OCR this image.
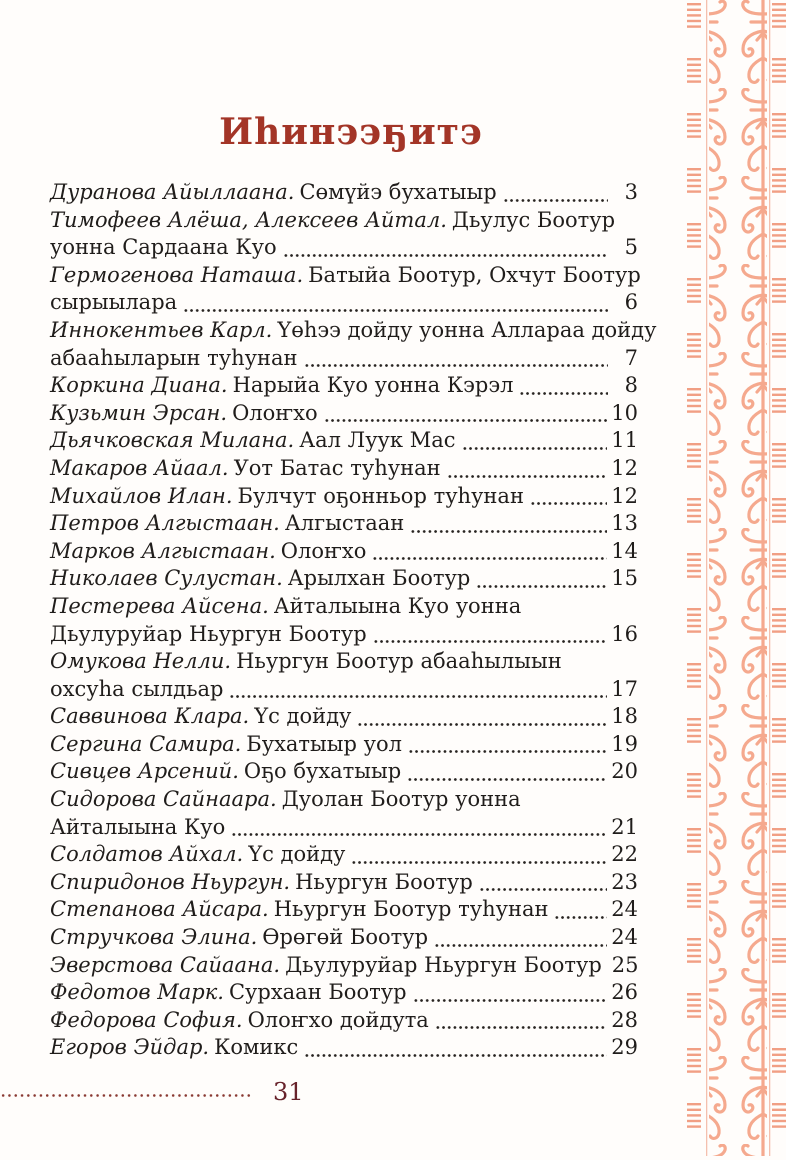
Иһинээҕитэ
Дуранова Айыллаана. Сөмүйэ бухатыыр	3
Тимофеев Алёша, Алексеев Айтал. Дьулус Боотур
уонна Сардаана Куо	5
Гермогенова Наташа. Батыйа Боотур, Охчут Боотур
сырыылара	6
Иннокентьев Карл. Үөһээ дойду уонна Аллараа дойду
абааһыларын туһунан	7
Коркина Диана. Нарыйа Куо уонна Кэрэл	8
Кузьмин Эрсан. Олоҥхо	10
Дьячковская Милана. Аал Луук Мас	11
Макаров Айаал. Уот Батас туһунан	12
Михайлов Илан. Булчут оҕонньор туһунан	12
Петров Алгыстаан. Алгыстаан	13
Марков Алгыстаан. Олоҥхо	14
Николаев Сулустан. Арылхан Боотур	15
Пестерева Айсена. Айталыына Куо уонна
Дьулуруйар Ньургун Боотур	16
Омукова Нелли. Ньургун Боотур абааһылыын
охсуһа сылдьар	17
Саввинова Клара. Үс дойду	18
Сергина Самира. Бухатыыр уол	19
Сивцев Арсений. Оҕо бухатыыр	20
Сидорова Сайнаара. Дуолан Боотур уонна
Айталыына Куо	21
Солдатов Айхал. Үс дойду	22
Спиридонов Ньургун. Ньургун Боотур	23
Степанова Айсара. Ньургун Боотур туһунан	24
Стручкова Элина. Өрөгөй Боотур	24
Эверстова Сайаана. Дьулуруйар Ньургун Боотур 25
Федотов Марк. Сурхаан Боотур	26
Федорова София. Олоҥхо дойдута	28
Егоров Эйдар. Комикс	29
31
